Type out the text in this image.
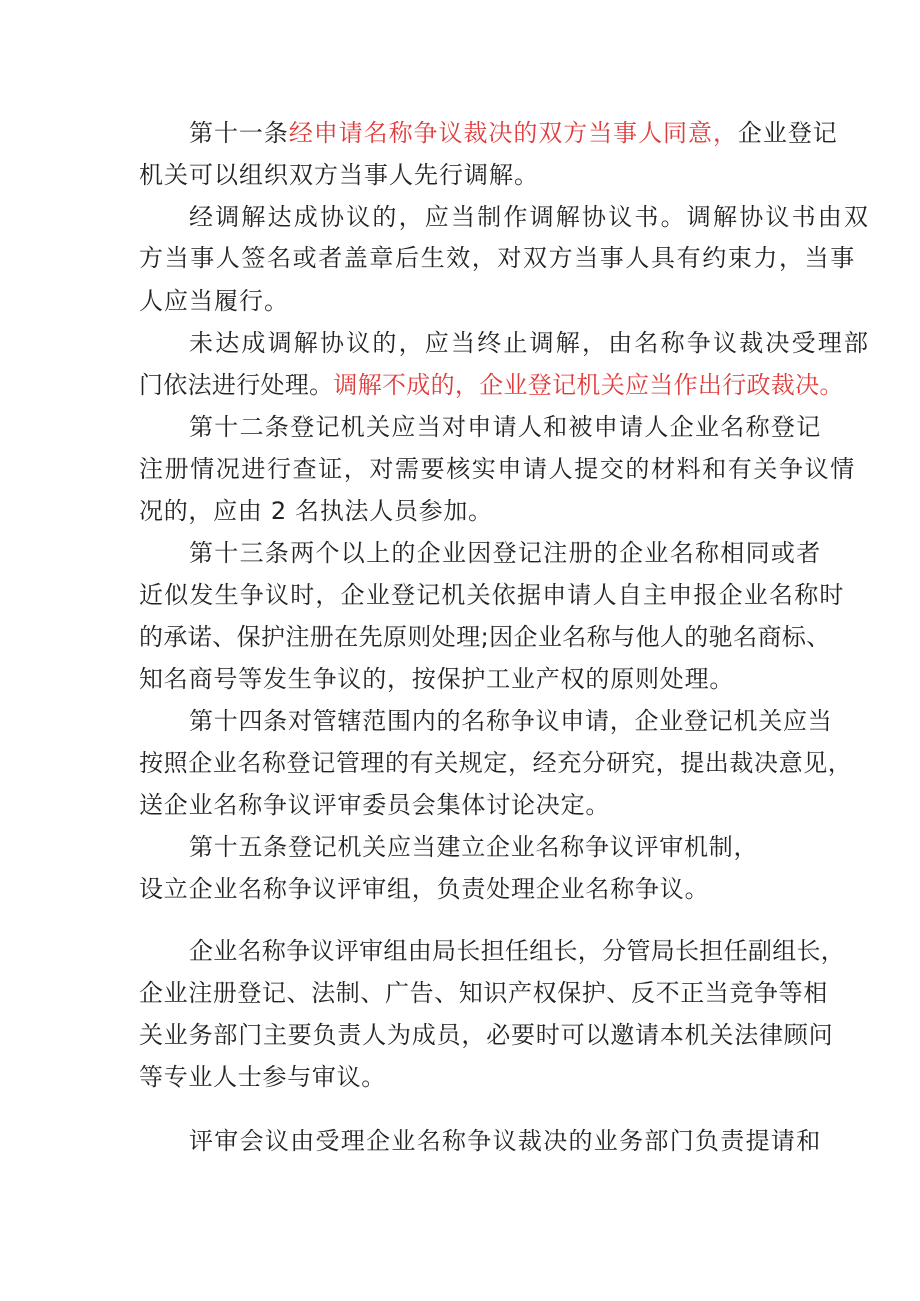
第十一条经申请名称争议裁决的双方当事人同意，企业登记
机关可以组织双方当事人先行调解。
经调解达成协议的，应当制作调解协议书。调解协议书由双
方当事人签名或者盖章后生效，对双方当事人具有约束力，当事
人应当履行。
未达成调解协议的，应当终止调解，由名称争议裁决受理部
门依法进行处理。调解不成的，企业登记机关应当作出行政裁决。
第十二条登记机关应当对申请人和被申请人企业名称登记
注册情况进行查证，对需要核实申请人提交的材料和有关争议情
况的，应由 2 名执法人员参加。
第十三条两个以上的企业因登记注册的企业名称相同或者
近似发生争议时，企业登记机关依据申请人自主申报企业名称时
的承诺、保护注册在先原则处理;因企业名称与他人的驰名商标、
知名商号等发生争议的，按保护工业产权的原则处理。
第十四条对管辖范围内的名称争议申请，企业登记机关应当
按照企业名称登记管理的有关规定，经充分研究，提出裁决意见，
送企业名称争议评审委员会集体讨论决定。
第十五条登记机关应当建立企业名称争议评审机制，
设立企业名称争议评审组，负责处理企业名称争议。
企业名称争议评审组由局长担任组长，分管局长担任副组长，
企业注册登记、法制、广告、知识产权保护、反不正当竞争等相
关业务部门主要负责人为成员，必要时可以邀请本机关法律顾问
等专业人士参与审议。
评审会议由受理企业名称争议裁决的业务部门负责提请和
